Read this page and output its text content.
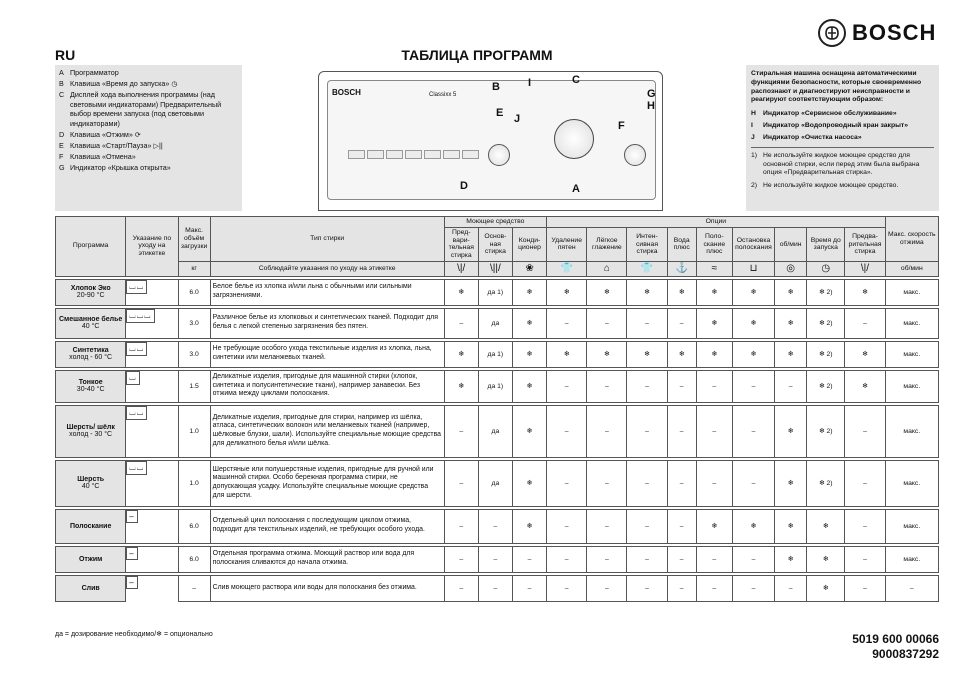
BOSCH
RU	ТАБЛИЦА ПРОГРАММ
A Программатор
B Клавиша «Время до запуска» ◷
C Дисплей хода выполнения программы (над световыми индикаторами) Предварительный выбор времени запуска (под световыми индикаторами)
D Клавиша «Отжим» ⟳
E Клавиша «Старт/Пауза» ▷||
F Клавиша «Отмена»
G Индикатор «Крышка открыта»
BOSCH	Classixx 5
A
B
C
D
E
F
G
H
I
J
Стиральная машина оснащена автоматическими функциями безопасности, которые своевременно распознают и диагностируют неисправности и реагируют соответствующим образом:
H	Индикатор «Сервисное обслуживание»
I	Индикатор «Водопроводный кран закрыт»
J	Индикатор «Очистка насоса»
1) Не используйте жидкое моющее средство для основной стирки, если перед этим была выбрана опция «Предварительная стирка».
2) Не используйте жидкое моющее средство.
Программа	Указание по уходу на этикетке	Макс. объём загрузки	Тип стирки	Моющее средство			Опции									Макс. скорость отжима
				Пред-вари-тельная стирка	Основ-ная стирка	Конди-ционер	Удаление пятен	Лёгкое глажение	Интен-сивная стирка	Вода плюс	Поло-скание плюс	Остановка полоскания	об/мин	Время до запуска	Предва-рительная стирка	
		кг	Соблюдайте указания по уходу на этикетке	\|/	\||/	❀	👕	⌂	👕	⚓	≈	⊔	◎	◷	\|/	об/мин

Хлопок Эко
20-90 °C
	⌴⌴6.0	Белое белье из хлопка и/или льна с обычными или сильными загрязнениями.	❄	да 1)	❄	❄	❄	❄	❄	❄	❄	❄	❄ 2)	❄	макс.

Смешанное белье
40 °C
	⌴⌴⌴3.0	Различное белье из хлопковых и синтетических тканей. Подходит для белья с легкой степенью загрязнения без пятен.	–	да	❄	–	–	–	–	❄	❄	❄	❄ 2)	–	макс.

Синтетика
холод - 60 °C
	⌴⌴3.0	Не требующие особого ухода текстильные изделия из хлопка, льна, синтетики или меланжевых тканей.	❄	да 1)	❄	❄	❄	❄	❄	❄	❄	❄	❄ 2)	❄	макс.

Тонкое
30-40 °C
	⌴1.5	Деликатные изделия, пригодные для машинной стирки (хлопок, синтетика и полусинтетические ткани), например занавески. Без отжима между циклами полоскания.	❄	да 1)	❄	–	–	–	–	–	–	–	❄ 2)	❄	макс.

Шерсть/ шёлк
холод - 30 °C
	⌴⌴1.0	Деликатные изделия, пригодные для стирки, например из шёлка, атласа, синтетических волокон или меланжевых тканей (например, шёлковые блузки, шали). Используйте специальные моющие средства для деликатного белья и/или шёлка.	–	да	❄	–	–	–	–	–	–	❄	❄ 2)	–	макс.

Шерсть
40 °C
	⌴⌴1.0	Шерстяные или полушерстяные изделия, пригодные для ручной или машинной стирки. Особо бережная программа стирки, не допускающая усадку. Используйте специальные моющие средства для шерсти.	–	да	❄	–	–	–	–	–	–	❄	❄ 2)	–	макс.

Полоскание
	–6.0	Отдельный цикл полоскания с последующим циклом отжима, подходит для текстильных изделий, не требующих особого ухода.	–	–	❄	–	–	–	–	❄	❄	❄	❄	–	макс.

Отжим
	–6.0	Отдельная программа отжима. Моющий раствор или вода для полоскания сливаются до начала отжима.	–	–	–	–	–	–	–	–	–	❄	❄	–	макс.

Слив
	––	Слив моющего раствора или воды для полоскания без отжима.	–	–	–	–	–	–	–	–	–	–	❄	–	–
да = дозирование необходимо/❄ = опционально	5019 600 00066
9000837292
